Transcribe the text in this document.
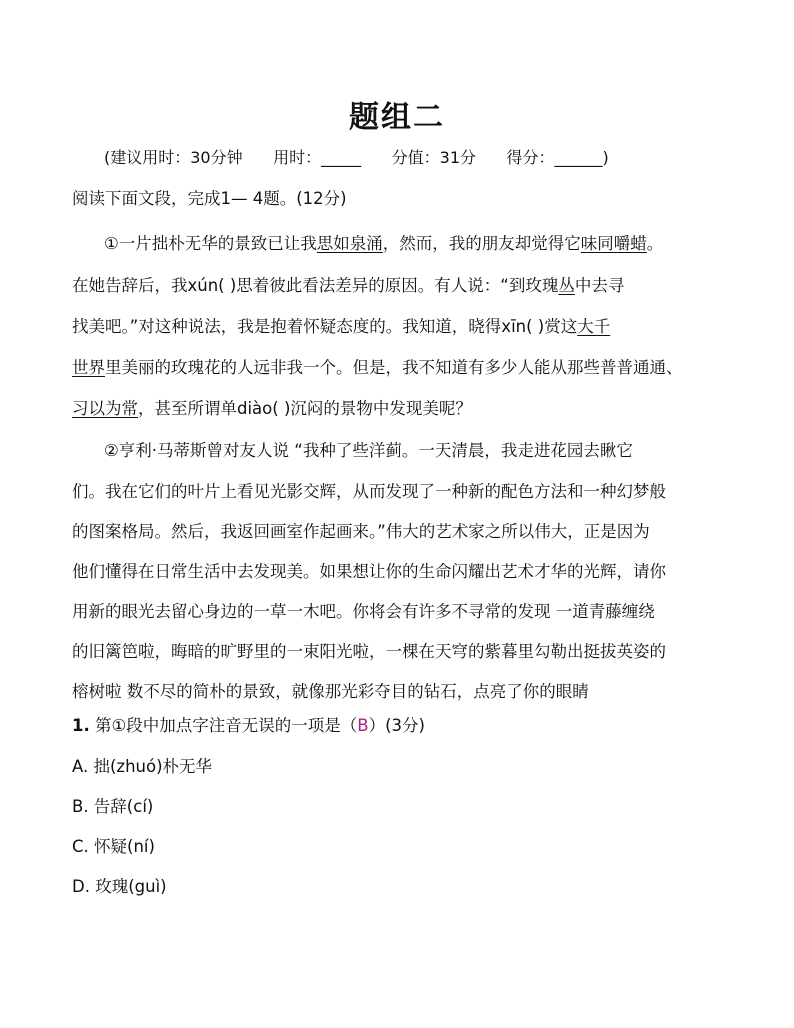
题组二
(建议用时：30分钟      用时：_____      分值：31分      得分：______)
阅读下面文段，完成1— 4题。(12分)
①一片拙朴无华的景致已让我思如泉涌，然而，我的朋友却觉得它味同嚼蜡。
在她告辞后，我xún( )思着彼此看法差异的原因。有人说：“到玫瑰丛中去寻
找美吧。”对这种说法，我是抱着怀疑态度的。我知道，晓得xīn( )赏这大千
世界里美丽的玫瑰花的人远非我一个。但是，我不知道有多少人能从那些普普通通、
习以为常，甚至所谓单diào( )沉闷的景物中发现美呢？
②亨利·马蒂斯曾对友人说 “我种了些洋蓟。一天清晨，我走进花园去瞅它
们。我在它们的叶片上看见光影交辉，从而发现了一种新的配色方法和一种幻梦般
的图案格局。然后，我返回画室作起画来。”伟大的艺术家之所以伟大，正是因为
他们懂得在日常生活中去发现美。如果想让你的生命闪耀出艺术才华的光辉，请你
用新的眼光去留心身边的一草一木吧。你将会有许多不寻常的发现 一道青藤缠绕
的旧篱笆啦，晦暗的旷野里的一束阳光啦，一棵在天穹的紫暮里勾勒出挺拔英姿的
榕树啦 数不尽的简朴的景致，就像那光彩夺目的钻石，点亮了你的眼睛
1. 第①段中加点字注音无误的一项是（B）(3分)
A. 拙(zhuó)朴无华
B. 告辞(cí)
C. 怀疑(ní)
D. 玫瑰(guì)
